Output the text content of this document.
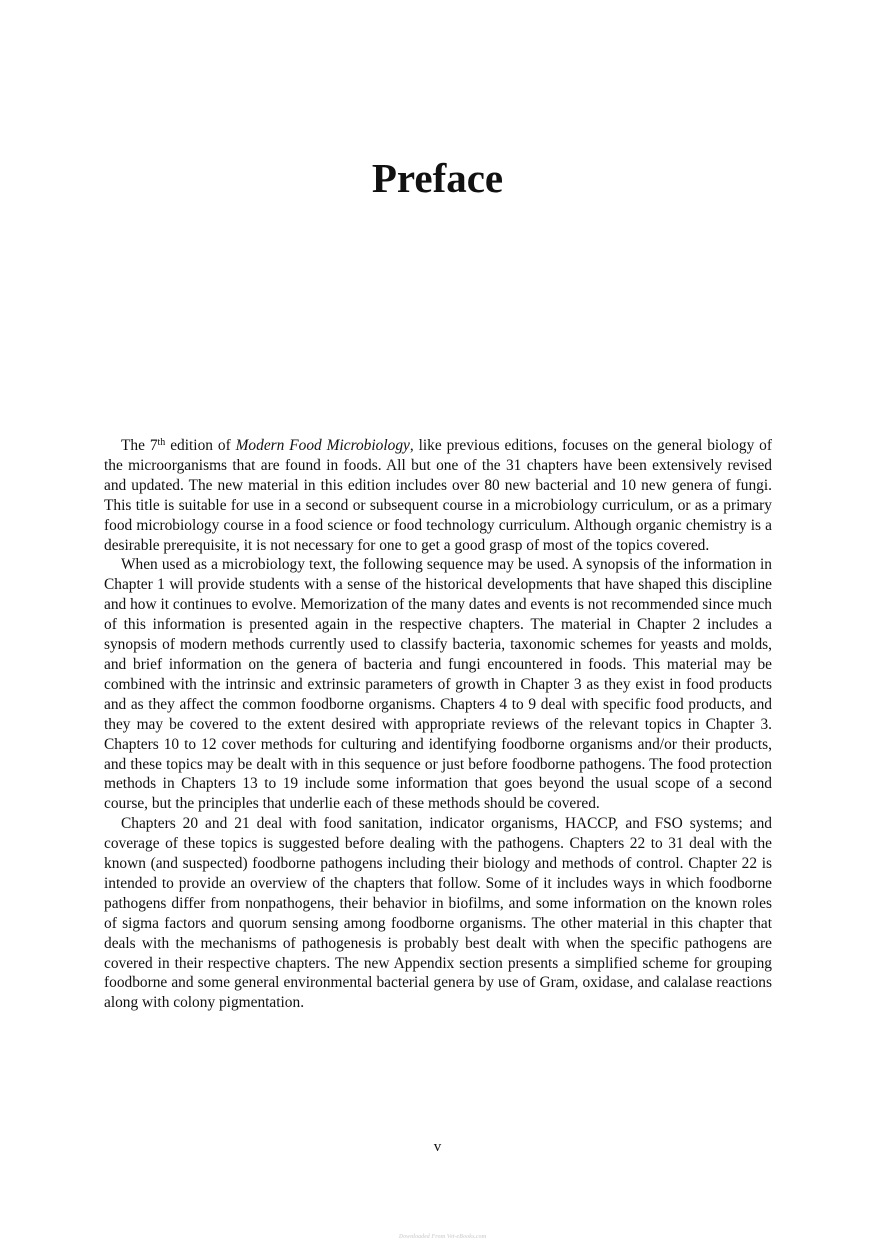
Preface

The 7th edition of Modern Food Microbiology, like previous editions, focuses on the general biology of the microorganisms that are found in foods. All but one of the 31 chapters have been extensively revised and updated. The new material in this edition includes over 80 new bacterial and 10 new genera of fungi. This title is suitable for use in a second or subsequent course in a microbiology curriculum, or as a primary food microbiology course in a food science or food technology curriculum. Although organic chemistry is a desirable prerequisite, it is not necessary for one to get a good grasp of most of the topics covered.

When used as a microbiology text, the following sequence may be used. A synopsis of the information in Chapter 1 will provide students with a sense of the historical developments that have shaped this discipline and how it continues to evolve. Memorization of the many dates and events is not recommended since much of this information is presented again in the respective chapters. The material in Chapter 2 includes a synopsis of modern methods currently used to classify bacteria, taxonomic schemes for yeasts and molds, and brief information on the genera of bacteria and fungi encountered in foods. This material may be combined with the intrinsic and extrinsic parameters of growth in Chapter 3 as they exist in food products and as they affect the common foodborne organisms. Chapters 4 to 9 deal with specific food products, and they may be covered to the extent desired with appropriate reviews of the relevant topics in Chapter 3. Chapters 10 to 12 cover methods for culturing and identifying foodborne organisms and/or their products, and these topics may be dealt with in this sequence or just before foodborne pathogens. The food protection methods in Chapters 13 to 19 include some information that goes beyond the usual scope of a second course, but the principles that underlie each of these methods should be covered.

Chapters 20 and 21 deal with food sanitation, indicator organisms, HACCP, and FSO systems; and coverage of these topics is suggested before dealing with the pathogens. Chapters 22 to 31 deal with the known (and suspected) foodborne pathogens including their biology and methods of control. Chapter 22 is intended to provide an overview of the chapters that follow. Some of it includes ways in which foodborne pathogens differ from nonpathogens, their behavior in biofilms, and some information on the known roles of sigma factors and quorum sensing among foodborne organisms. The other material in this chapter that deals with the mechanisms of pathogenesis is probably best dealt with when the specific pathogens are covered in their respective chapters. The new Appendix section presents a simplified scheme for grouping foodborne and some general environmental bacterial genera by use of Gram, oxidase, and calalase reactions along with colony pigmentation.

v
Downloaded From Vet-eBooks.com
